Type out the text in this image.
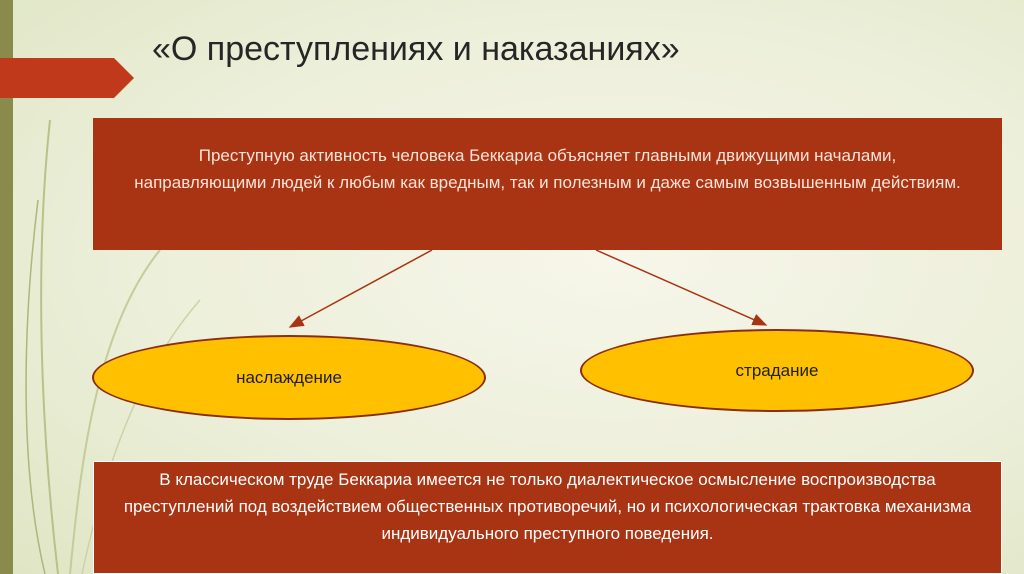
«О преступлениях и наказаниях»
Преступную активность человека Беккариа объясняет главными движущими началами, направляющими людей к любым как вредным, так и полезным и даже самым возвышенным действиям.
наслаждение	страдание
В классическом труде Беккариа имеется не только диалектическое осмысление воспроизводства преступлений под воздействием общественных противоречий, но и психологическая трактовка механизма индивидуального преступного поведения.
